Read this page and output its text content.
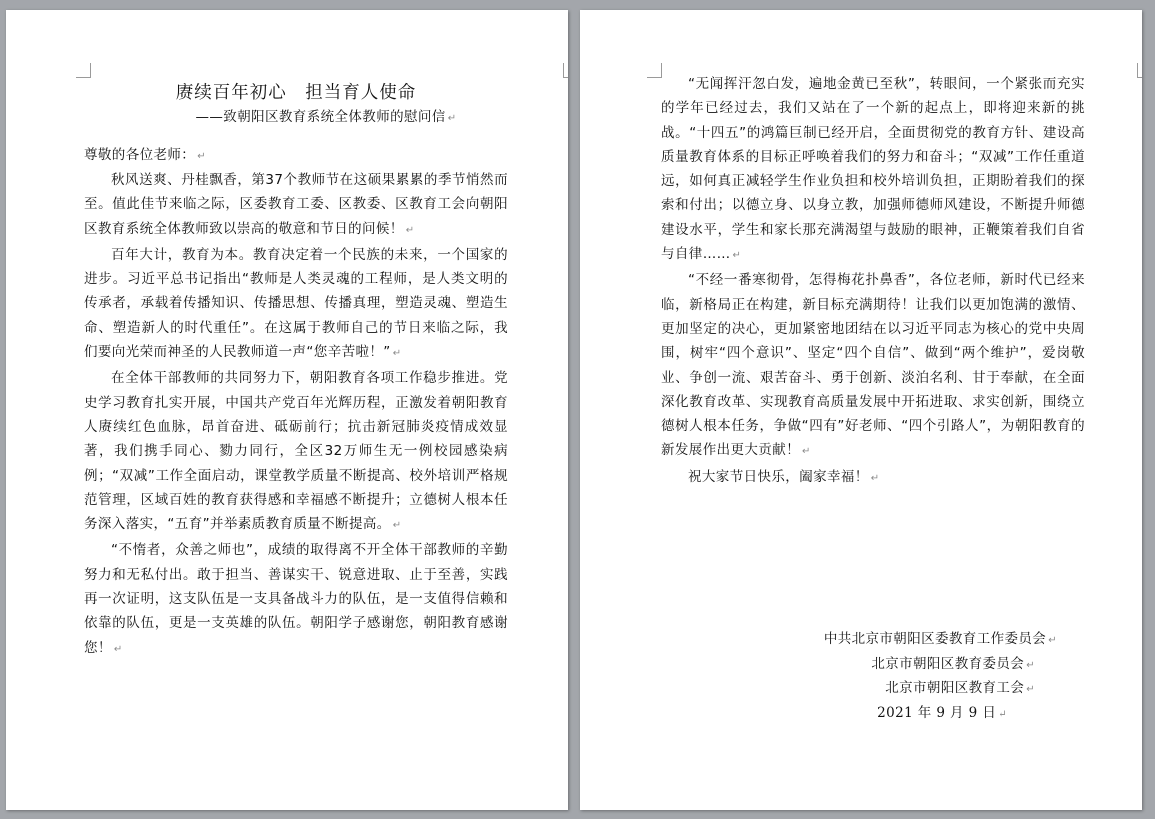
赓续百年初心　担当育人使命

——致朝阳区教育系统全体教师的慰问信 ↵

尊敬的各位老师： ↵

秋风送爽、丹桂飘香，第37个教师节在这硕果累累的季节悄然而至。值此佳节来临之际，区委教育工委、区教委、区教育工会向朝阳区教育系统全体教师致以崇高的敬意和节日的问候！ ↵

百年大计，教育为本。教育决定着一个民族的未来，一个国家的进步。习近平总书记指出“教师是人类灵魂的工程师，是人类文明的传承者，承载着传播知识、传播思想、传播真理，塑造灵魂、塑造生命、塑造新人的时代重任”。在这属于教师自己的节日来临之际，我们要向光荣而神圣的人民教师道一声“您辛苦啦！” ↵

在全体干部教师的共同努力下，朝阳教育各项工作稳步推进。党史学习教育扎实开展，中国共产党百年光辉历程，正激发着朝阳教育人赓续红色血脉，昂首奋进、砥砺前行；抗击新冠肺炎疫情成效显著，我们携手同心、勠力同行，全区32万师生无一例校园感染病例；“双减”工作全面启动，课堂教学质量不断提高、校外培训严格规范管理，区域百姓的教育获得感和幸福感不断提升；立德树人根本任务深入落实，“五育”并举素质教育质量不断提高。 ↵

“不惰者，众善之师也”，成绩的取得离不开全体干部教师的辛勤努力和无私付出。敢于担当、善谋实干、锐意进取、止于至善，实践再一次证明，这支队伍是一支具备战斗力的队伍，是一支值得信赖和依靠的队伍，更是一支英雄的队伍。朝阳学子感谢您，朝阳教育感谢您！ ↵

“无闻挥汗忽白发，遍地金黄已至秋”，转眼间，一个紧张而充实的学年已经过去，我们又站在了一个新的起点上，即将迎来新的挑战。“十四五”的鸿篇巨制已经开启，全面贯彻党的教育方针、建设高质量教育体系的目标正呼唤着我们的努力和奋斗；“双减”工作任重道远，如何真正减轻学生作业负担和校外培训负担，正期盼着我们的探索和付出；以德立身、以身立教，加强师德师风建设，不断提升师德建设水平，学生和家长那充满渴望与鼓励的眼神，正鞭策着我们自省与自律…… ↵

“不经一番寒彻骨，怎得梅花扑鼻香”，各位老师，新时代已经来临，新格局正在构建，新目标充满期待！让我们以更加饱满的激情、更加坚定的决心，更加紧密地团结在以习近平同志为核心的党中央周围，树牢“四个意识”、坚定“四个自信”、做到“两个维护”，爱岗敬业、争创一流、艰苦奋斗、勇于创新、淡泊名利、甘于奉献，在全面深化教育改革、实现教育高质量发展中开拓进取、求实创新，围绕立德树人根本任务，争做“四有”好老师、“四个引路人”，为朝阳教育的新发展作出更大贡献！ ↵

祝大家节日快乐，阖家幸福！ ↵

中共北京市朝阳区委教育工作委员会 ↵

北京市朝阳区教育委员会 ↵

北京市朝阳区教育工会 ↵

2021 年 9 月 9 日 ↵
